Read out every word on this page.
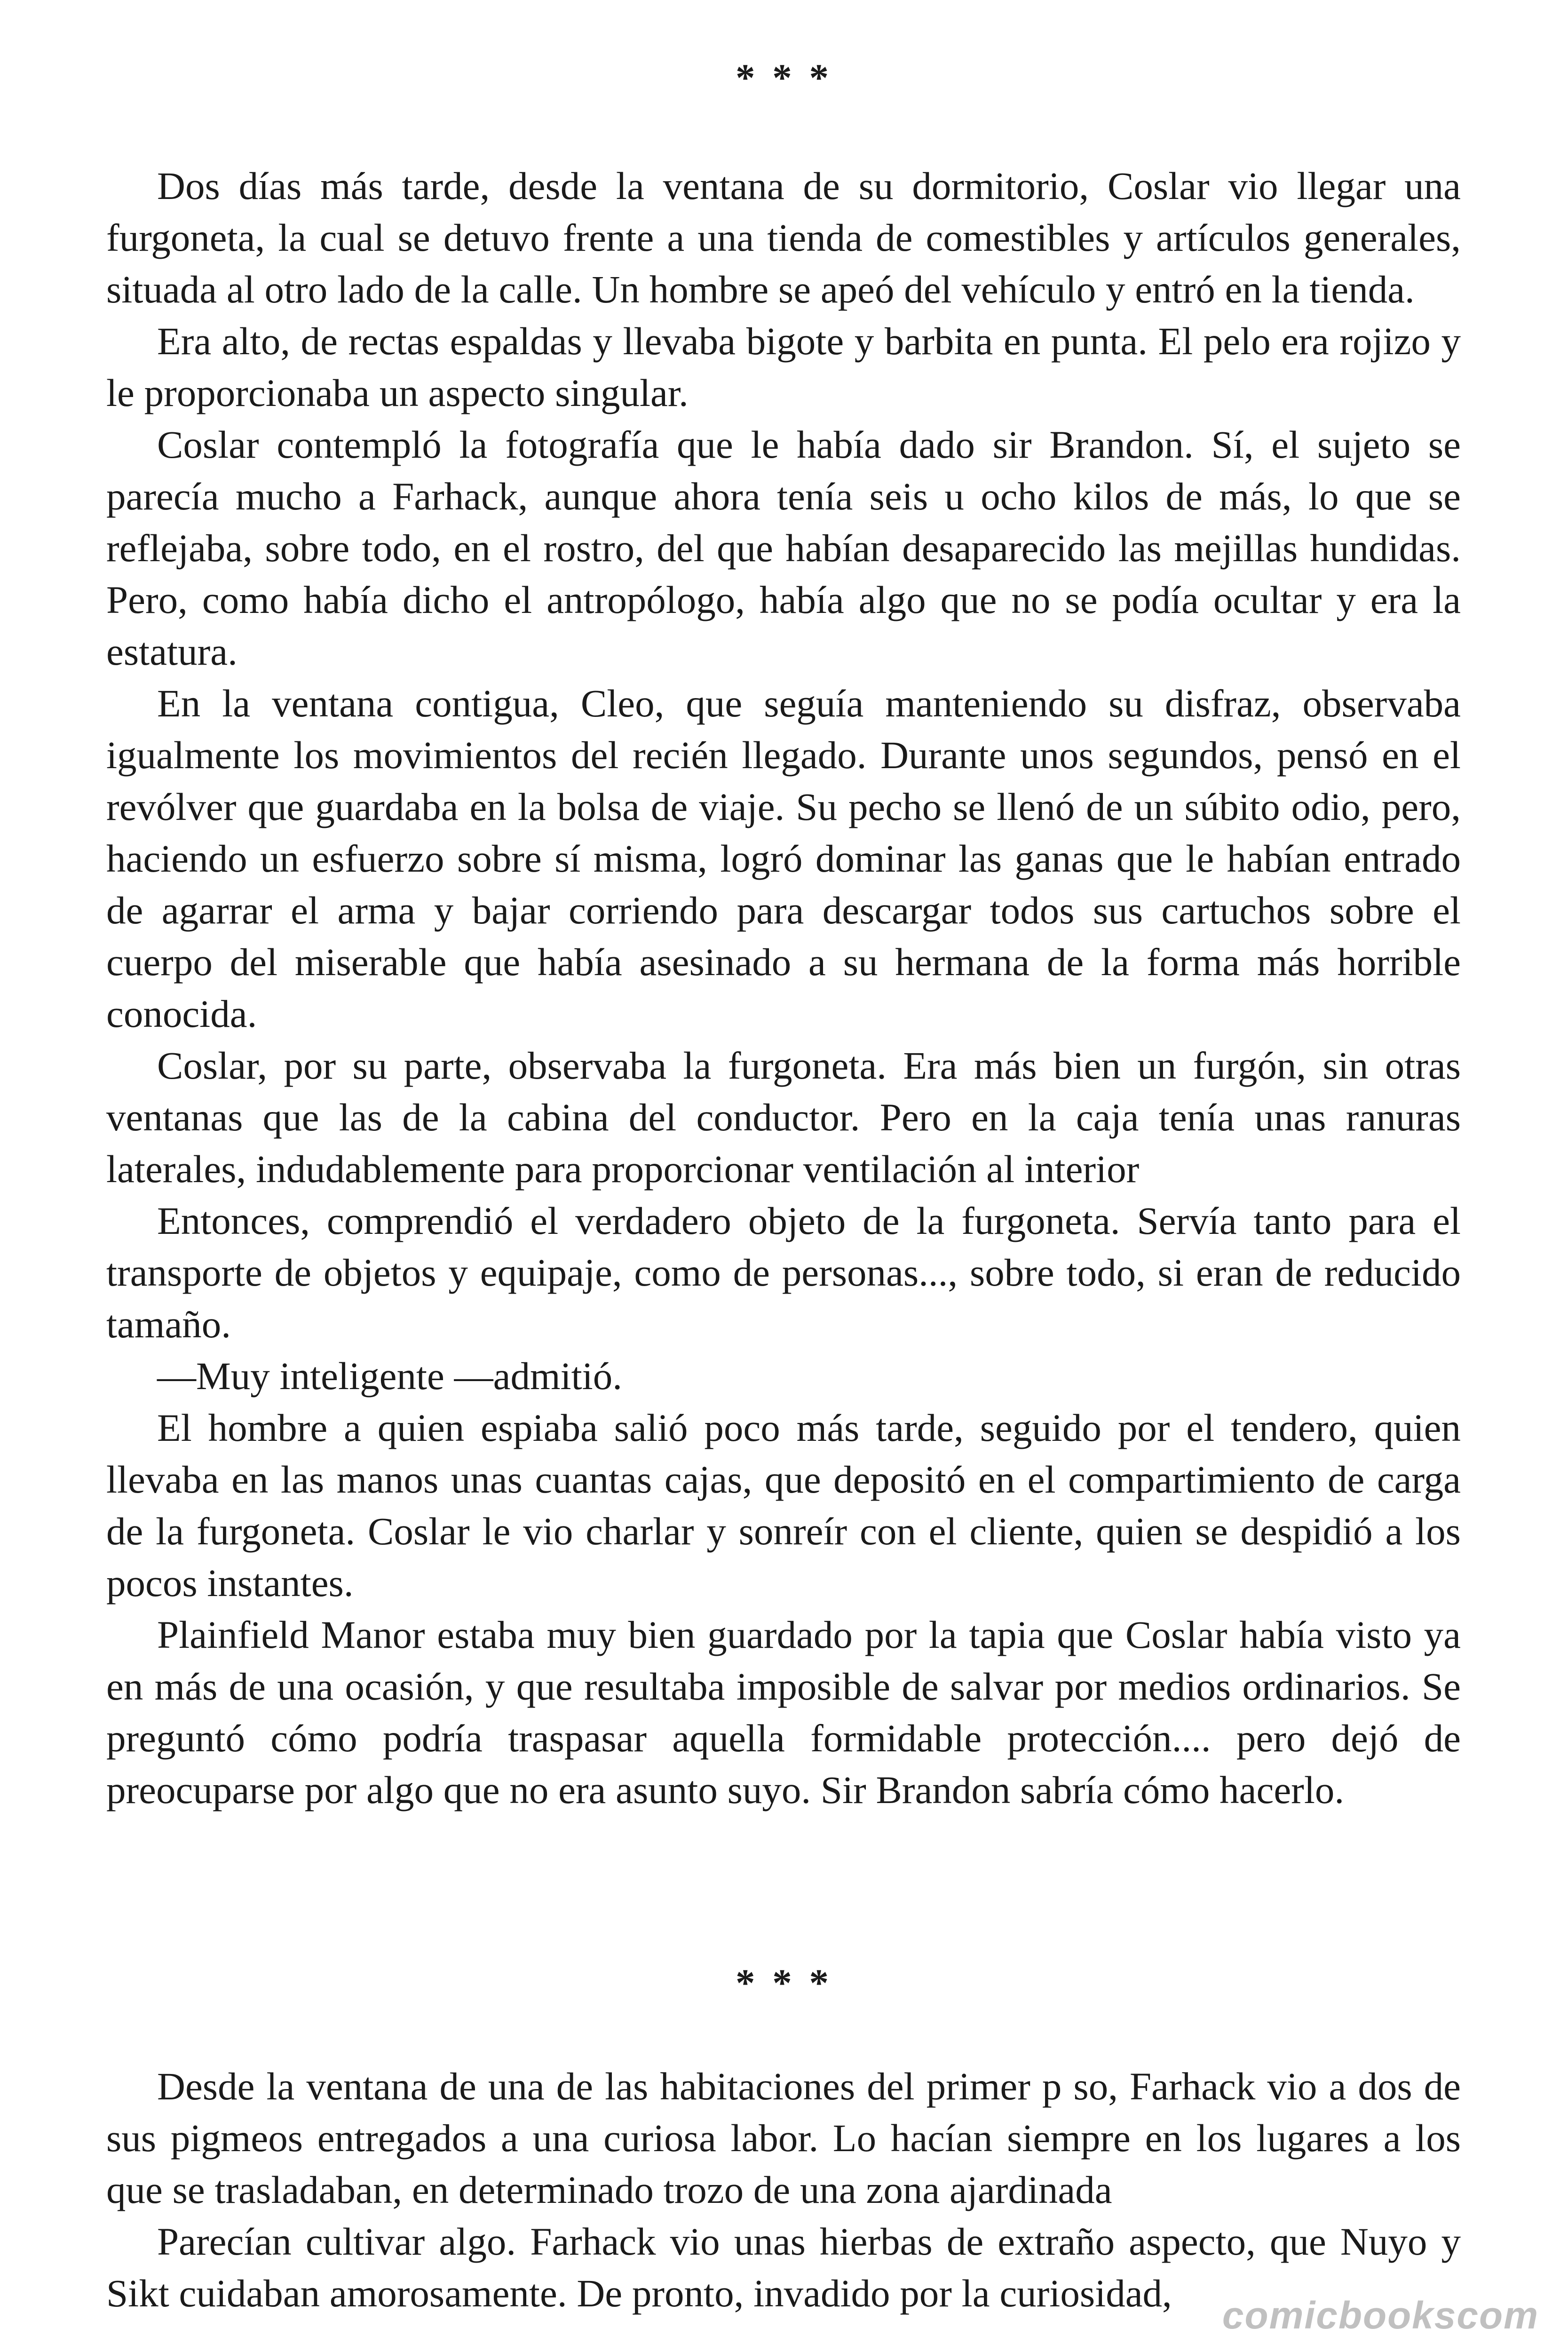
* * *

Dos días más tarde, desde la ventana de su dormitorio, Coslar vio llegar una furgoneta, la cual se detuvo frente a una tienda de comestibles y artículos generales, situada al otro lado de la calle. Un hombre se apeó del vehículo y entró en la tienda.

Era alto, de rectas espaldas y llevaba bigote y barbita en punta. El pelo era rojizo y le proporcionaba un aspecto singular.

Coslar contempló la fotografía que le había dado sir Brandon. Sí, el sujeto se parecía mucho a Farhack, aunque ahora tenía seis u ocho kilos de más, lo que se reflejaba, sobre todo, en el rostro, del que habían desaparecido las mejillas hundidas. Pero, como había dicho el antropólogo, había algo que no se podía ocultar y era la estatura.

En la ventana contigua, Cleo, que seguía manteniendo su disfraz, observaba igualmente los movimientos del recién llegado. Durante unos segundos, pensó en el revólver que guardaba en la bolsa de viaje. Su pecho se llenó de un súbito odio, pero, haciendo un esfuerzo sobre sí misma, logró dominar las ganas que le habían entrado de agarrar el arma y bajar corriendo para descargar todos sus cartuchos sobre el cuerpo del miserable que había asesinado a su hermana de la forma más horrible conocida.

Coslar, por su parte, observaba la furgoneta. Era más bien un furgón, sin otras ventanas que las de la cabina del conductor. Pero en la caja tenía unas ranuras laterales, indudablemente para proporcionar ventilación al interior

Entonces, comprendió el verdadero objeto de la furgoneta. Servía tanto para el transporte de objetos y equipaje, como de personas..., sobre todo, si eran de reducido tamaño.

—Muy inteligente —admitió.

El hombre a quien espiaba salió poco más tarde, seguido por el tendero, quien llevaba en las manos unas cuantas cajas, que depositó en el compartimiento de carga de la furgoneta. Coslar le vio charlar y sonreír con el cliente, quien se despidió a los pocos instantes.

Plainfield Manor estaba muy bien guardado por la tapia que Coslar había visto ya en más de una ocasión, y que resultaba imposible de salvar por medios ordinarios. Se preguntó cómo podría traspasar aquella formidable protección.... pero dejó de preocuparse por algo que no era asunto suyo. Sir Brandon sabría cómo hacerlo.

* * *

Desde la ventana de una de las habitaciones del primer p so, Farhack vio a dos de sus pigmeos entregados a una curiosa labor. Lo hacían siempre en los lugares a los que se trasladaban, en determinado trozo de una zona ajardinada

Parecían cultivar algo. Farhack vio unas hierbas de extraño aspecto, que Nuyo y Sikt cuidaban amorosamente. De pronto, invadido por la curiosidad,

comicbookscom
